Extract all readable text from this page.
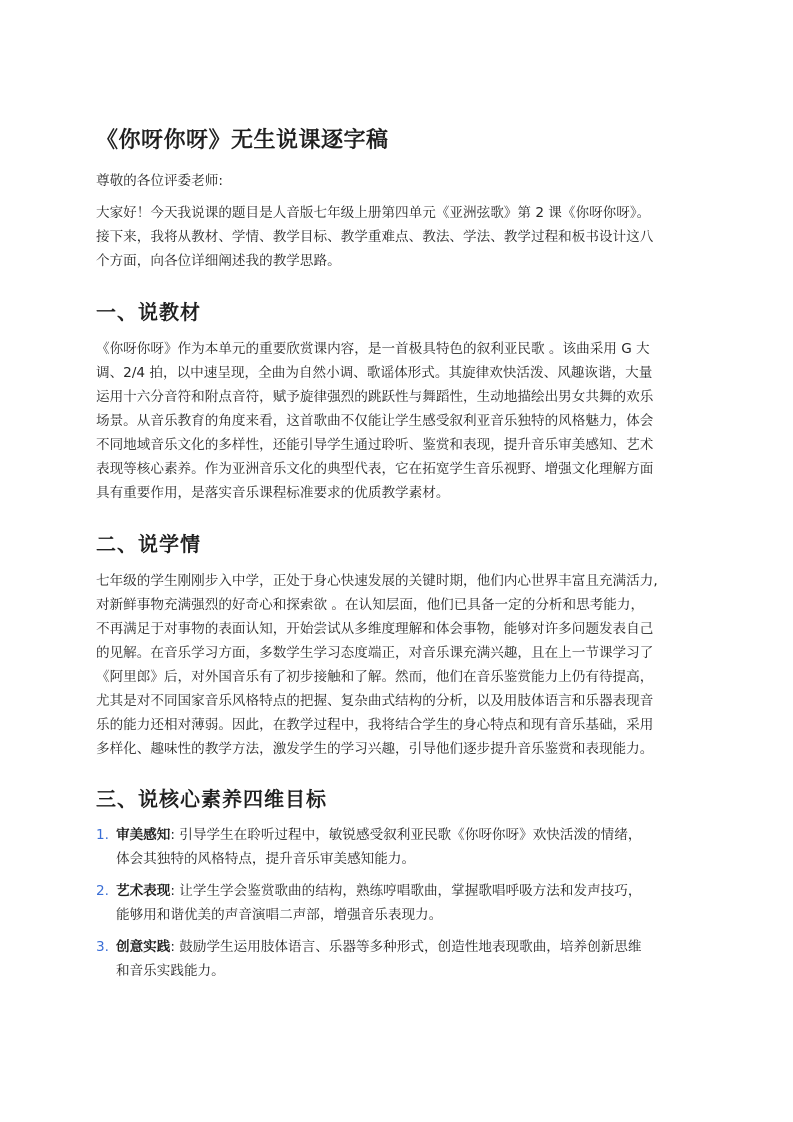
《你呀你呀》无生说课逐字稿
尊敬的各位评委老师:
大家好！今天我说课的题目是人音版七年级上册第四单元《亚洲弦歌》第 2 课《你呀你呀》。
接下来，我将从教材、学情、教学目标、教学重难点、教法、学法、教学过程和板书设计这八
个方面，向各位详细阐述我的教学思路。
一、说教材
《你呀你呀》作为本单元的重要欣赏课内容，是一首极具特色的叙利亚民歌 。该曲采用 G 大
调、2/4 拍，以中速呈现，全曲为自然小调、歌谣体形式。其旋律欢快活泼、风趣诙谐，大量
运用十六分音符和附点音符，赋予旋律强烈的跳跃性与舞蹈性，生动地描绘出男女共舞的欢乐
场景。从音乐教育的角度来看，这首歌曲不仅能让学生感受叙利亚音乐独特的风格魅力，体会
不同地域音乐文化的多样性，还能引导学生通过聆听、鉴赏和表现，提升音乐审美感知、艺术
表现等核心素养。作为亚洲音乐文化的典型代表，它在拓宽学生音乐视野、增强文化理解方面
具有重要作用，是落实音乐课程标准要求的优质教学素材。
二、说学情
七年级的学生刚刚步入中学，正处于身心快速发展的关键时期，他们内心世界丰富且充满活力,
对新鲜事物充满强烈的好奇心和探索欲 。在认知层面，他们已具备一定的分析和思考能力，
不再满足于对事物的表面认知，开始尝试从多维度理解和体会事物，能够对许多问题发表自己
的见解。在音乐学习方面，多数学生学习态度端正，对音乐课充满兴趣，且在上一节课学习了
《阿里郎》后，对外国音乐有了初步接触和了解。然而，他们在音乐鉴赏能力上仍有待提高，
尤其是对不同国家音乐风格特点的把握、复杂曲式结构的分析，以及用肢体语言和乐器表现音
乐的能力还相对薄弱。因此，在教学过程中，我将结合学生的身心特点和现有音乐基础，采用
多样化、趣味性的教学方法，激发学生的学习兴趣，引导他们逐步提升音乐鉴赏和表现能力。
三、说核心素养四维目标
1. 审美感知: 引导学生在聆听过程中，敏锐感受叙利亚民歌《你呀你呀》欢快活泼的情绪，
体会其独特的风格特点，提升音乐审美感知能力。
2. 艺术表现: 让学生学会鉴赏歌曲的结构，熟练哼唱歌曲，掌握歌唱呼吸方法和发声技巧，
能够用和谐优美的声音演唱二声部，增强音乐表现力。
3. 创意实践: 鼓励学生运用肢体语言、乐器等多种形式，创造性地表现歌曲，培养创新思维
和音乐实践能力。
